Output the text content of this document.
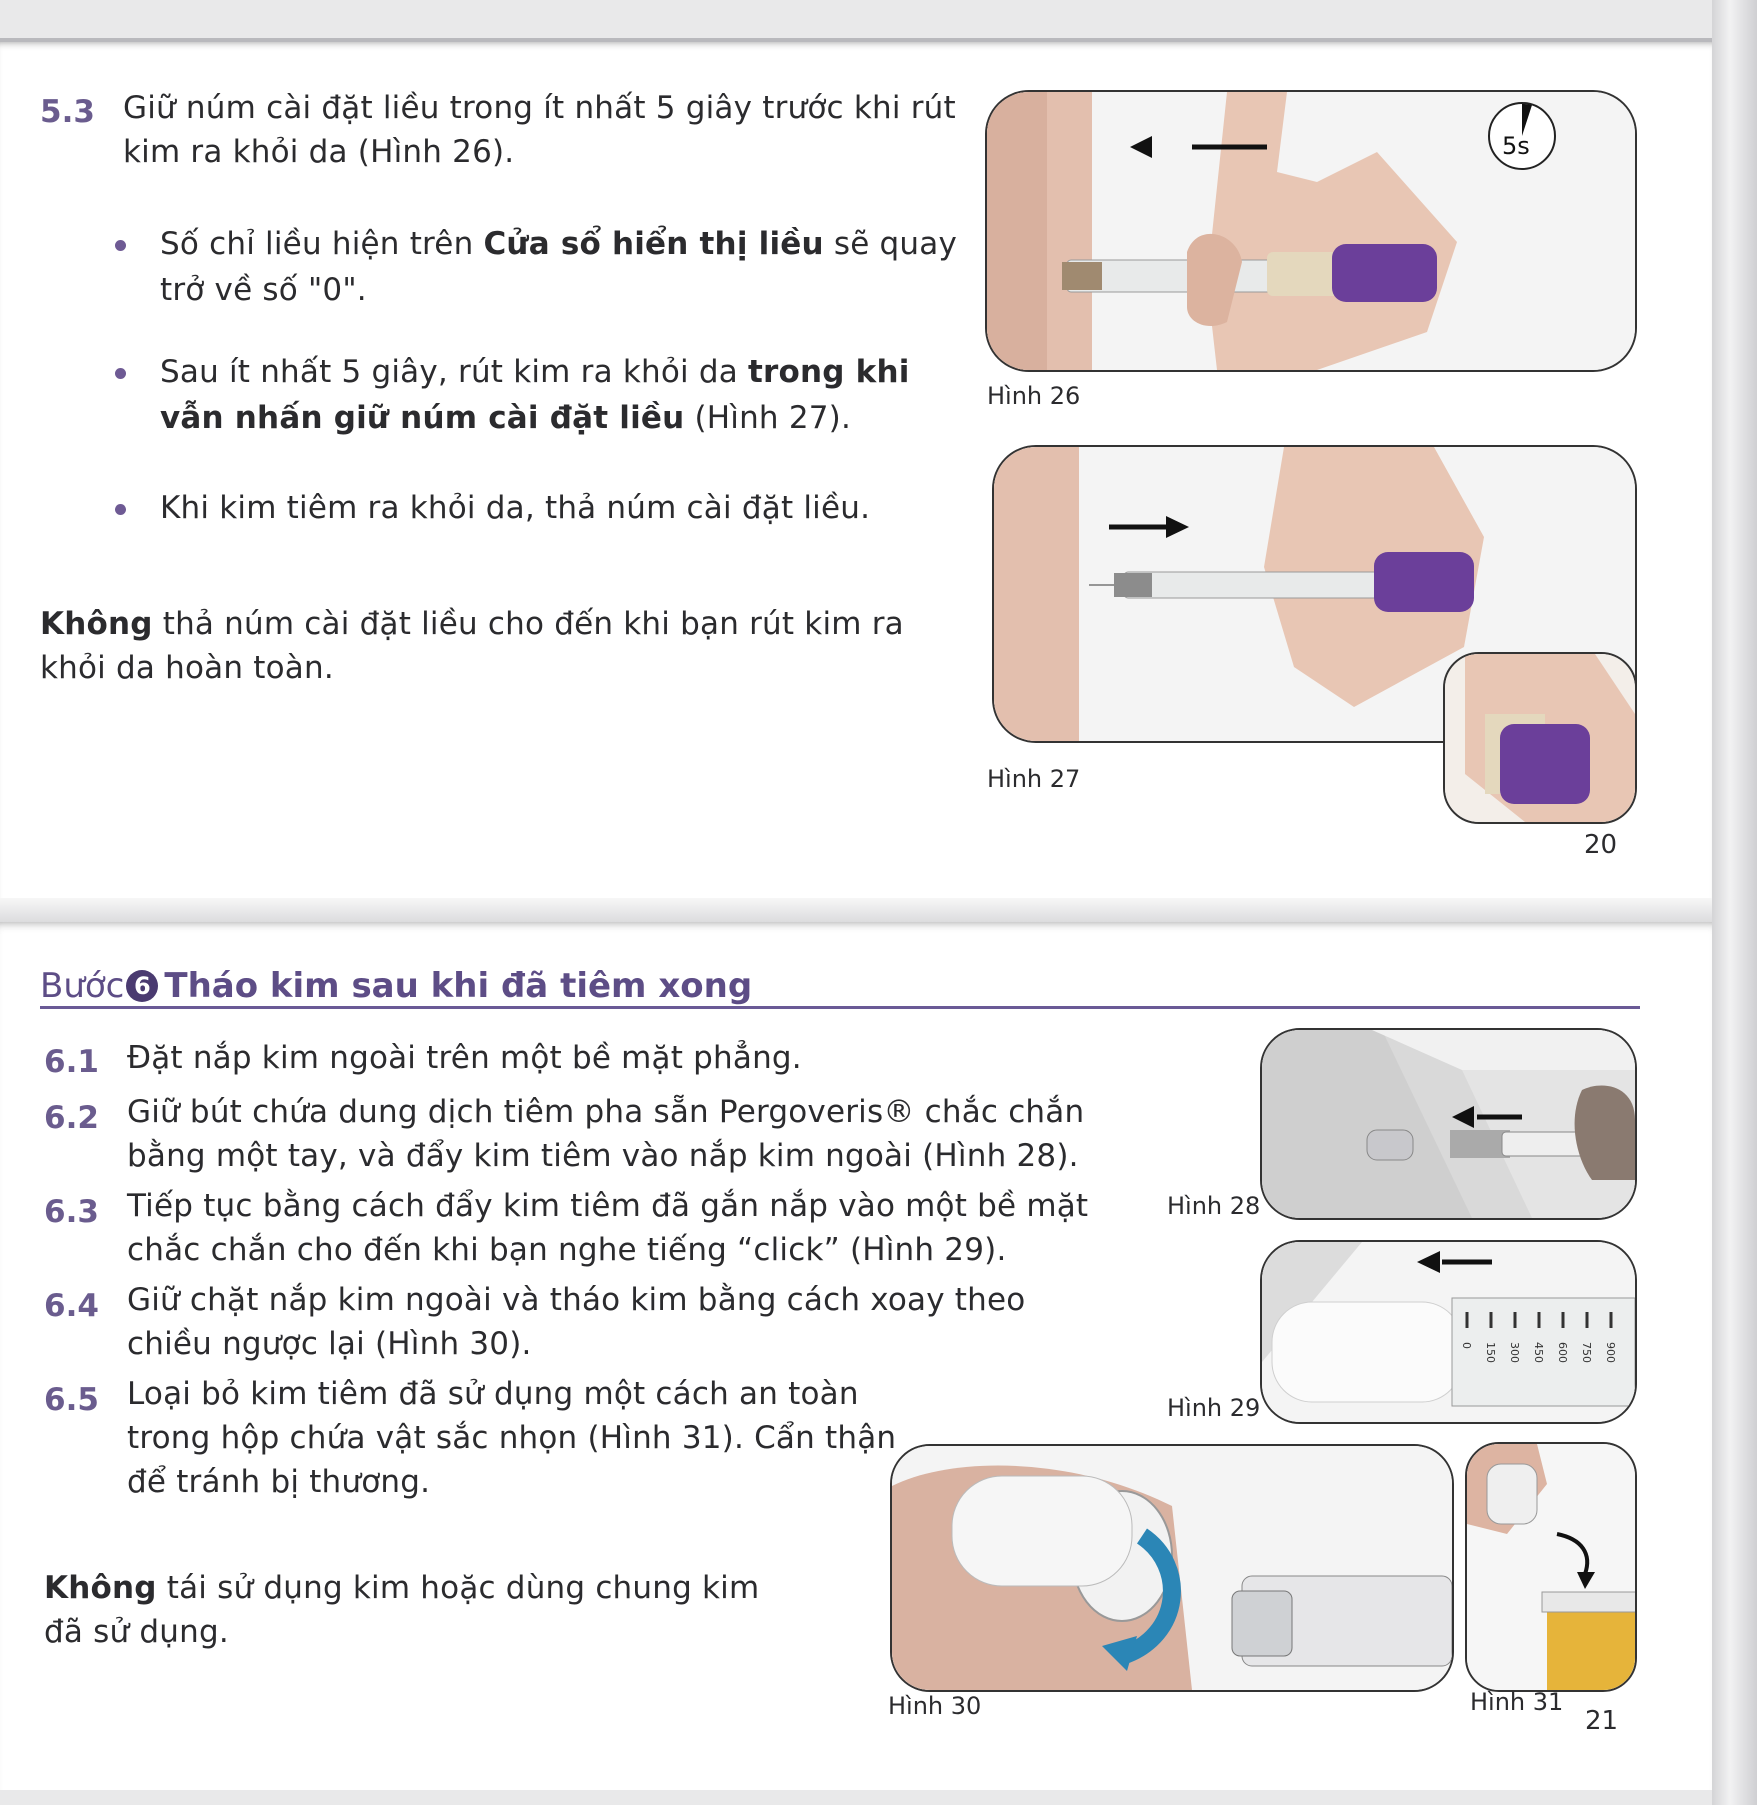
5.3 Giữ núm cài đặt liều trong ít nhất 5 giây trước khi rút
kim ra khỏi da (Hình 26).
Số chỉ liều hiện trên Cửa sổ hiển thị liều sẽ quay
trở về số "0".
Sau ít nhất 5 giây, rút kim ra khỏi da trong khi
vẫn nhấn giữ núm cài đặt liều (Hình 27).
Khi kim tiêm ra khỏi da, thả núm cài đặt liều.
Không thả núm cài đặt liều cho đến khi bạn rút kim ra
khỏi da hoàn toàn.
5s
Hình 26
Hình 27
20
Bước 6 Tháo kim sau khi đã tiêm xong
6.1 Đặt nắp kim ngoài trên một bề mặt phẳng.
6.2 Giữ bút chứa dung dịch tiêm pha sẵn Pergoveris® chắc chắn
bằng một tay, và đẩy kim tiêm vào nắp kim ngoài (Hình 28).
6.3 Tiếp tục bằng cách đẩy kim tiêm đã gắn nắp vào một bề mặt
chắc chắn cho đến khi bạn nghe tiếng “click” (Hình 29).
6.4 Giữ chặt nắp kim ngoài và tháo kim bằng cách xoay theo
chiều ngược lại (Hình 30).
6.5 Loại bỏ kim tiêm đã sử dụng một cách an toàn
trong hộp chứa vật sắc nhọn (Hình 31). Cẩn thận
để tránh bị thương.
Không tái sử dụng kim hoặc dùng chung kim
đã sử dụng.
Hình 28
0 150 300 450 600 750 900
Hình 29
Hình 30	Hình 31
21
